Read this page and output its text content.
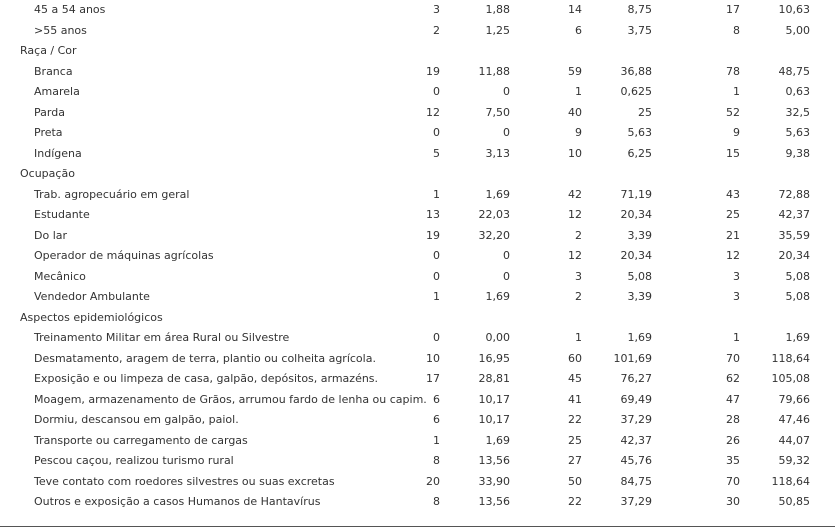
45 a 54 anos	3	1,88	14	8,75	17	10,63
>55 anos	2	1,25	6	3,75	8	5,00
Raça / Cor
Branca	19	11,88	59	36,88	78	48,75
Amarela	0	0	1	0,625	1	0,63
Parda	12	7,50	40	25	52	32,5
Preta	0	0	9	5,63	9	5,63
Indígena	5	3,13	10	6,25	15	9,38
Ocupação
Trab. agropecuário em geral	1	1,69	42	71,19	43	72,88
Estudante	13	22,03	12	20,34	25	42,37
Do lar	19	32,20	2	3,39	21	35,59
Operador de máquinas agrícolas	0	0	12	20,34	12	20,34
Mecânico	0	0	3	5,08	3	5,08
Vendedor Ambulante	1	1,69	2	3,39	3	5,08
Aspectos epidemiológicos
Treinamento Militar em área Rural ou Silvestre	0	0,00	1	1,69	1	1,69
Desmatamento, aragem de terra, plantio ou colheita agrícola.	10	16,95	60	101,69	70	118,64
Exposição e ou limpeza de casa, galpão, depósitos, armazéns.	17	28,81	45	76,27	62	105,08
Moagem, armazenamento de Grãos, arrumou fardo de lenha ou capim. 6	10,17	41	69,49	47	79,66
Dormiu, descansou em galpão, paiol.	6	10,17	22	37,29	28	47,46
Transporte ou carregamento de cargas	1	1,69	25	42,37	26	44,07
Pescou caçou, realizou turismo rural	8	13,56	27	45,76	35	59,32
Teve contato com roedores silvestres ou suas excretas	20	33,90	50	84,75	70	118,64
Outros e exposição a casos Humanos de Hantavírus	8	13,56	22	37,29	30	50,85
